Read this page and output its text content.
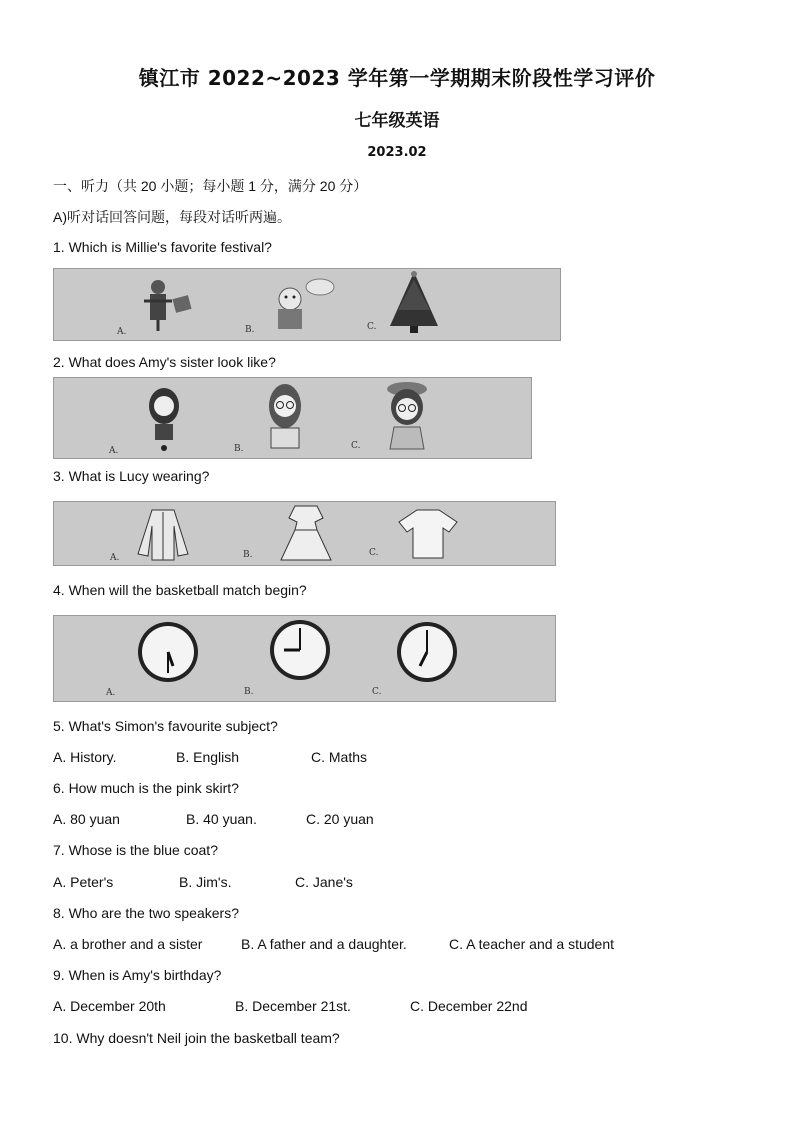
镇江市 2022~2023 学年第一学期期末阶段性学习评价
七年级英语
2023.02
一、听力（共 20 小题；每小题 1 分，满分 20 分）
A)听对话回答问题，每段对话听两遍。
1. Which is Millie's favorite festival?
A.	B.	C.
2. What does Amy's sister look like?
A.	B.	C.
3. What is Lucy wearing?
A.	B.	C.
4. When will the basketball match begin?
A.	B.	C.
5. What's Simon's favourite subject?
A. History.	B. English	C. Maths
6. How much is the pink skirt?
A. 80 yuan	B. 40 yuan.	C. 20 yuan
7. Whose is the blue coat?
A. Peter's	B. Jim's.	C. Jane's
8. Who are the two speakers?
A. a brother and a sister	B. A father and a daughter.	C. A teacher and a student
9. When is Amy's birthday?
A. December 20th	B. December 21st.	C. December 22nd
10. Why doesn't Neil join the basketball team?
